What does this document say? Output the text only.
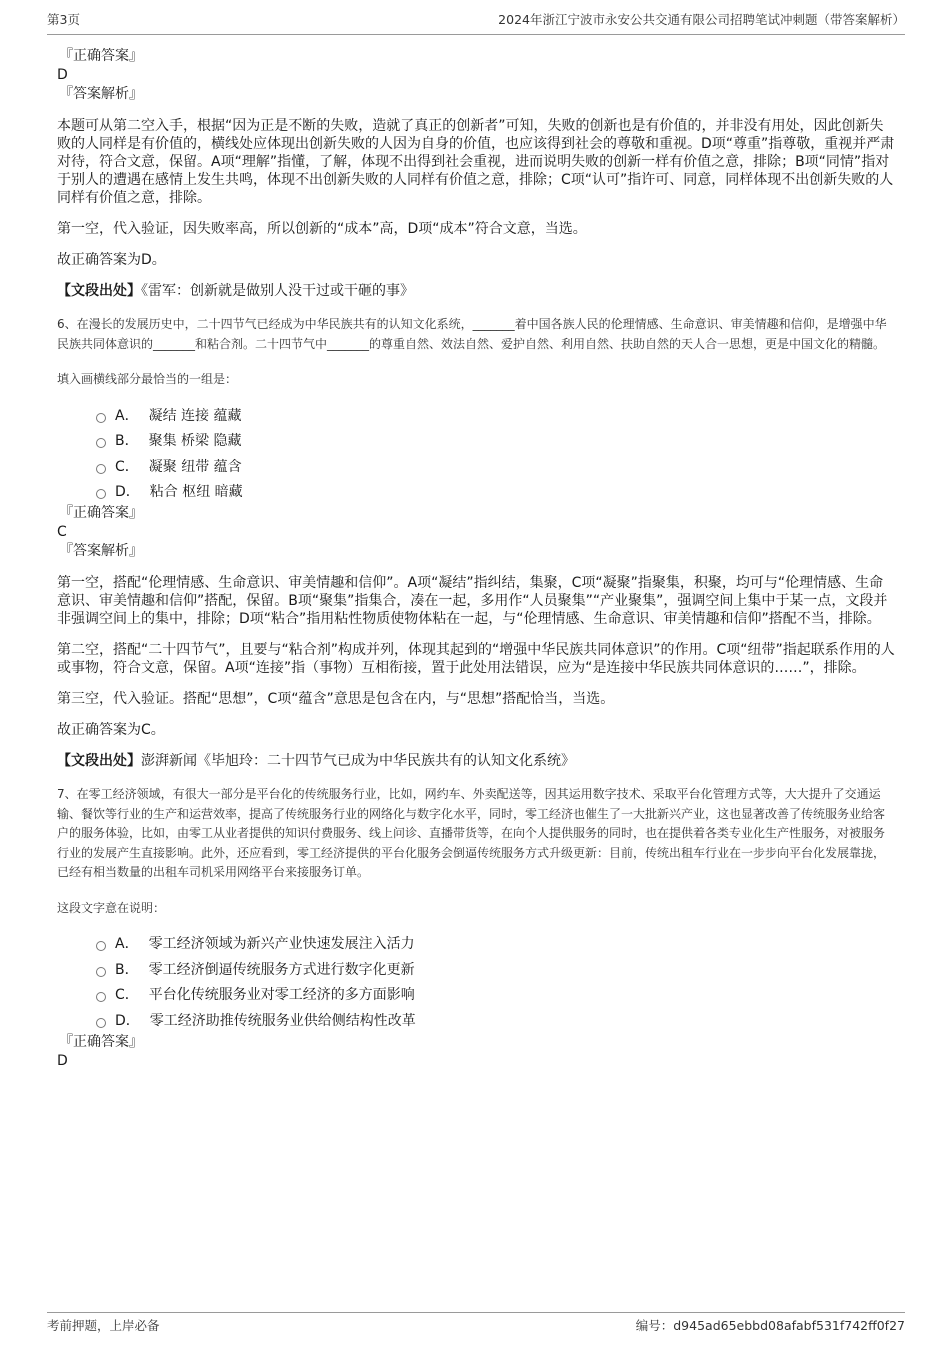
第3页	2024年浙江宁波市永安公共交通有限公司招聘笔试冲刺题（带答案解析）
『正确答案』
D
『答案解析』

本题可从第二空入手，根据“因为正是不断的失败，造就了真正的创新者”可知，失败的创新也是有价值的，并非没有用处，因此创新失败的人同样是有价值的，横线处应体现出创新失败的人因为自身的价值，也应该得到社会的尊敬和重视。D项“尊重”指尊敬，重视并严肃对待，符合文意，保留。A项“理解”指懂，了解，体现不出得到社会重视，进而说明失败的创新一样有价值之意，排除；B项“同情”指对于别人的遭遇在感情上发生共鸣，体现不出创新失败的人同样有价值之意，排除；C项“认可”指许可、同意，同样体现不出创新失败的人同样有价值之意，排除。

第一空，代入验证，因失败率高，所以创新的“成本”高，D项“成本”符合文意，当选。

故正确答案为D。

【文段出处】《雷军：创新就是做别人没干过或干砸的事》

6、在漫长的发展历史中，二十四节气已经成为中华民族共有的认知文化系统，_______着中国各族人民的伦理情感、生命意识、审美情趣和信仰，是增强中华民族共同体意识的_______和粘合剂。二十四节气中_______的尊重自然、效法自然、爱护自然、利用自然、扶助自然的天人合一思想，更是中国文化的精髓。

填入画横线部分最恰当的一组是：

A． 凝结 连接 蕴藏
B． 聚集 桥梁 隐藏
C． 凝聚 纽带 蕴含
D． 粘合 枢纽 暗藏
『正确答案』
C
『答案解析』

第一空，搭配“伦理情感、生命意识、审美情趣和信仰”。A项“凝结”指纠结，集聚，C项“凝聚”指聚集，积聚，均可与“伦理情感、生命意识、审美情趣和信仰”搭配，保留。B项“聚集”指集合，凑在一起，多用作“人员聚集”“产业聚集”，强调空间上集中于某一点，文段并非强调空间上的集中，排除；D项“粘合”指用粘性物质使物体粘在一起，与“伦理情感、生命意识、审美情趣和信仰”搭配不当，排除。

第二空，搭配“二十四节气”，且要与“粘合剂”构成并列，体现其起到的“增强中华民族共同体意识”的作用。C项“纽带”指起联系作用的人或事物，符合文意，保留。A项“连接”指（事物）互相衔接，置于此处用法错误，应为“是连接中华民族共同体意识的……”，排除。

第三空，代入验证。搭配“思想”，C项“蕴含”意思是包含在内，与“思想”搭配恰当，当选。

故正确答案为C。

【文段出处】澎湃新闻《毕旭玲：二十四节气已成为中华民族共有的认知文化系统》

7、在零工经济领域，有很大一部分是平台化的传统服务行业，比如，网约车、外卖配送等，因其运用数字技术、采取平台化管理方式等，大大提升了交通运输、餐饮等行业的生产和运营效率，提高了传统服务行业的网络化与数字化水平，同时，零工经济也催生了一大批新兴产业，这也显著改善了传统服务业给客户的服务体验，比如，由零工从业者提供的知识付费服务、线上问诊、直播带货等，在向个人提供服务的同时，也在提供着各类专业化生产性服务，对被服务行业的发展产生直接影响。此外，还应看到，零工经济提供的平台化服务会倒逼传统服务方式升级更新：目前，传统出租车行业在一步步向平台化发展靠拢，已经有相当数量的出租车司机采用网络平台来接服务订单。

这段文字意在说明：

A． 零工经济领域为新兴产业快速发展注入活力
B． 零工经济倒逼传统服务方式进行数字化更新
C． 平台化传统服务业对零工经济的多方面影响
D． 零工经济助推传统服务业供给侧结构性改革
『正确答案』
D
考前押题，上岸必备	编号：d945ad65ebbd08afabf531f742ff0f27
